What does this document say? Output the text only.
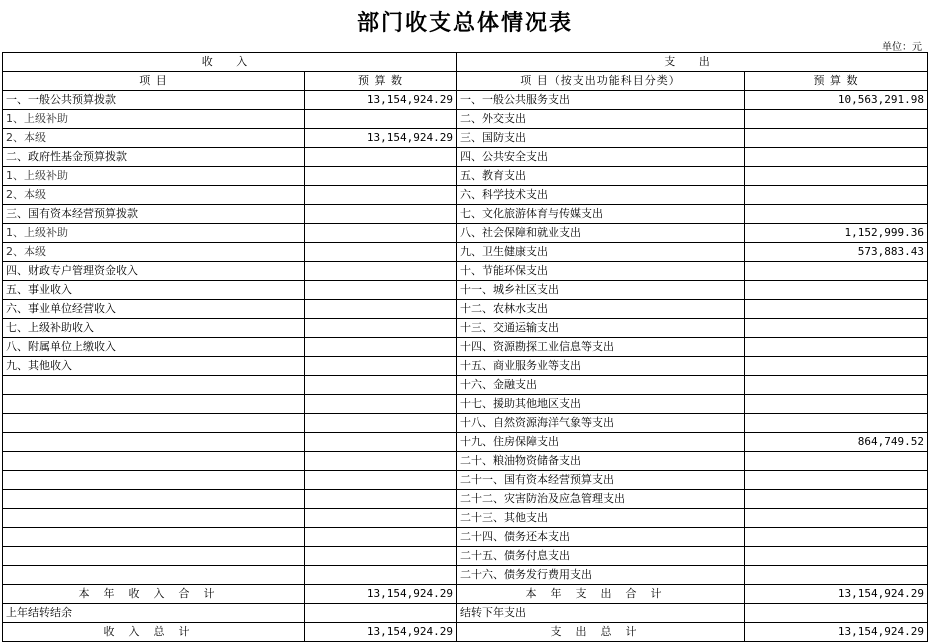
部门收支总体情况表
单位：元
收 入		支 出	
项 目	预 算 数	项 目（按支出功能科目分类）	预 算 数
一、一般公共预算拨款	13,154,924.29	一、一般公共服务支出	10,563,291.98
1、上级补助		二、外交支出	
2、本级	13,154,924.29	三、国防支出	
二、政府性基金预算拨款		四、公共安全支出	
1、上级补助		五、教育支出	
2、本级		六、科学技术支出	
三、国有资本经营预算拨款		七、文化旅游体育与传媒支出	
1、上级补助		八、社会保障和就业支出	1,152,999.36
2、本级		九、卫生健康支出	573,883.43
四、财政专户管理资金收入		十、节能环保支出	
五、事业收入		十一、城乡社区支出	
六、事业单位经营收入		十二、农林水支出	
七、上级补助收入		十三、交通运输支出	
八、附属单位上缴收入		十四、资源勘探工业信息等支出	
九、其他收入		十五、商业服务业等支出	
		十六、金融支出	
		十七、援助其他地区支出	
		十八、自然资源海洋气象等支出	
		十九、住房保障支出	864,749.52
		二十、粮油物资储备支出	
		二十一、国有资本经营预算支出	
		二十二、灾害防治及应急管理支出	
		二十三、其他支出	
		二十四、债务还本支出	
		二十五、债务付息支出	
		二十六、债务发行费用支出	
本年收入合计	13,154,924.29	本年支出合计	13,154,924.29
上年结转结余		结转下年支出	
收入总计	13,154,924.29	支出总计	13,154,924.29
